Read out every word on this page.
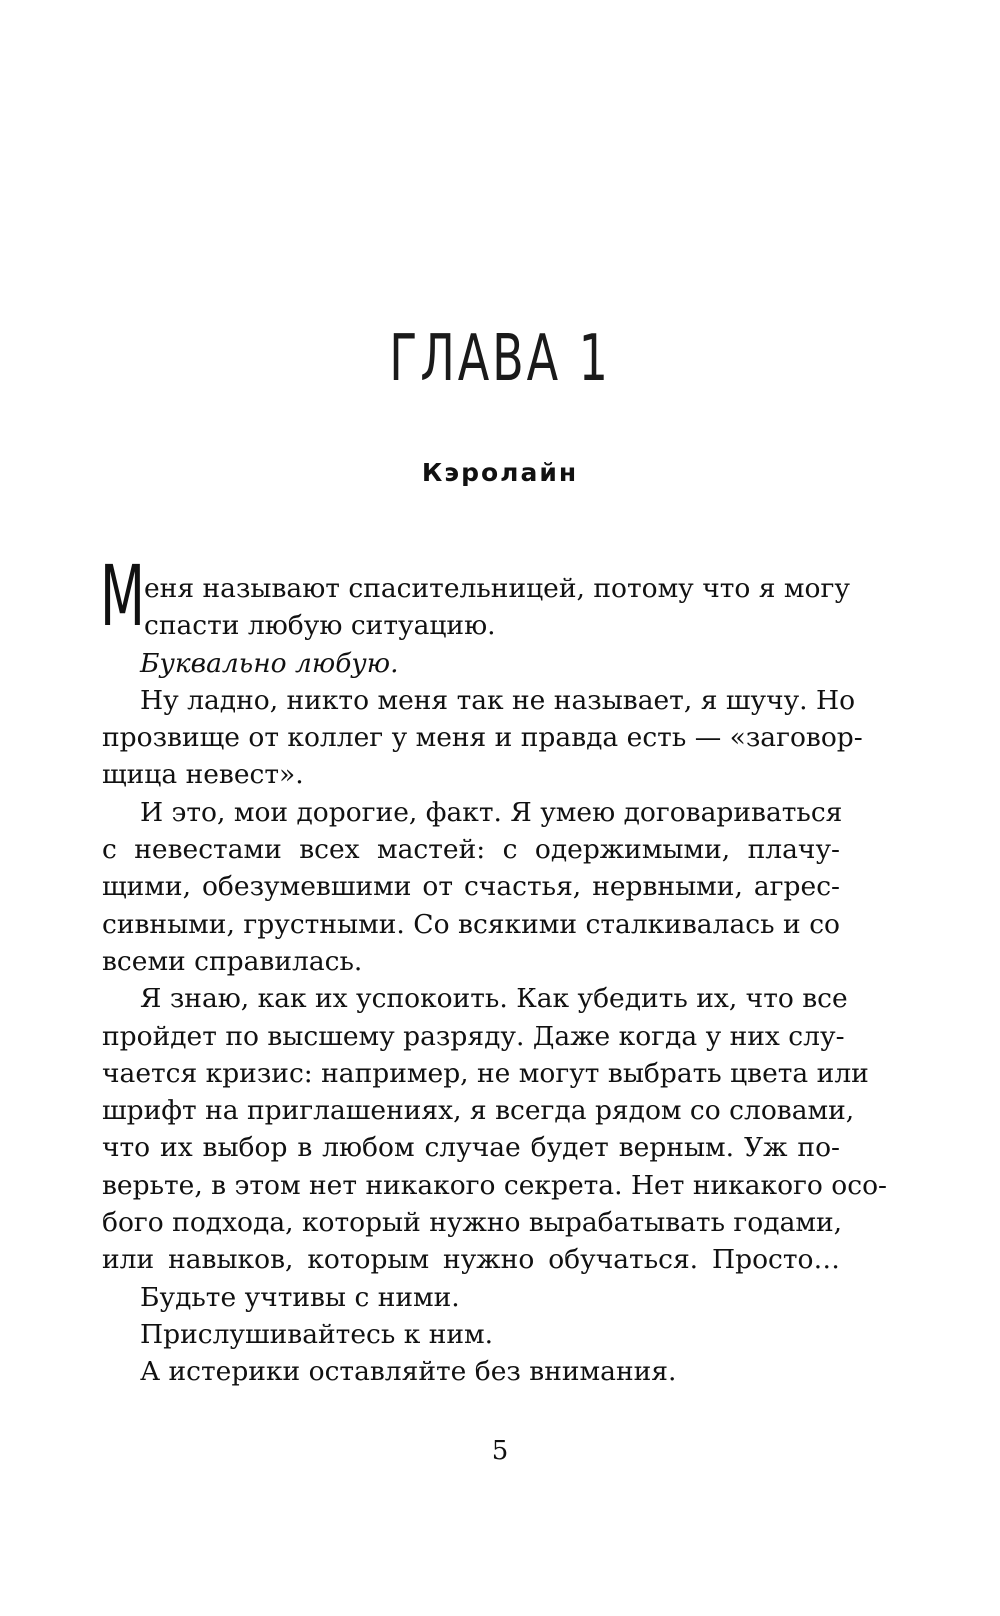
ГЛАВА 1
Кэролайн
М еня называют спасительницей, потому что я могу
спасти любую ситуацию.
Буквально любую.
Ну ладно, никто меня так не называет, я шучу. Но
прозвище от коллег у меня и правда есть — «заговор-
щица невест».
И это, мои дорогие, факт. Я умею договариваться
с невестами всех мастей: с одержимыми, плачу-
щими, обезумевшими от счастья, нервными, агрес-
сивными, грустными. Со всякими сталкивалась и со
всеми справилась.
Я знаю, как их успокоить. Как убедить их, что все
пройдет по высшему разряду. Даже когда у них слу-
чается кризис: например, не могут выбрать цвета или
шрифт на приглашениях, я всегда рядом со словами,
что их выбор в любом случае будет верным. Уж по-
верьте, в этом нет никакого секрета. Нет никакого осо-
бого подхода, который нужно вырабатывать годами,
или навыков, которым нужно обучаться. Просто…
Будьте учтивы с ними.
Прислушивайтесь к ним.
А истерики оставляйте без внимания.
5
